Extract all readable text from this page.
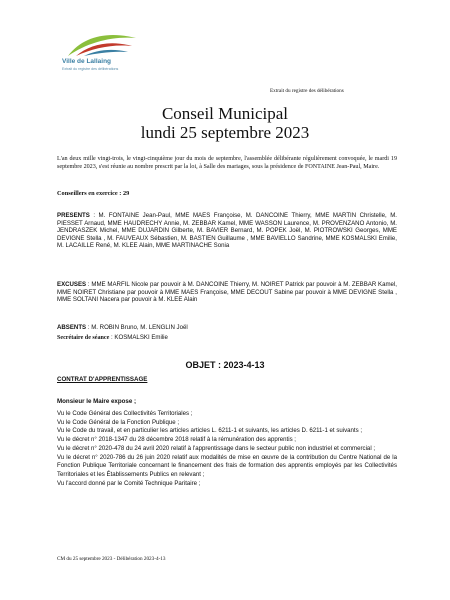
Ville de Lallaing
Extrait du registre des délibérations
Extrait du registre des délibérations
Conseil Municipal
lundi 25 septembre 2023
L'an deux mille vingt-trois, le vingt-cinquième jour du mois de septembre, l'assemblée délibérante régulièrement convoquée, le mardi 19 septembre 2023, s'est réunie au nombre prescrit par la loi, à Salle des mariages, sous la présidence de FONTAINE Jean-Paul, Maire.
Conseillers en exercice : 29
PRESENTS : M. FONTAINE Jean-Paul, MME MAES Françoise, M. DANCOINE Thierry, MME MARTIN Christelle, M. PIESSET Arnaud, MME HAUDRECHY Annie, M. ZEBBAR Kamel, MME WASSON Laurence, M. PROVENZANO Antonio, M. JENDRASZEK Michel, MME DUJARDIN Gilberte, M. BAVIER Bernard, M. POPEK Joël, M. PIOTROWSKI Georges, MME DEVIGNE Stella , M. FAUVEAUX Sébastien, M. BASTIEN Guillaume , MME BAVIELLO Sandrine, MME KOSMALSKI Emilie, M. LACAILLE René, M. KLEE Alain, MME MARTINACHE Sonia
EXCUSES : MME MARFIL Nicole par pouvoir à M. DANCOINE Thierry, M. NOIRET Patrick par pouvoir à M. ZEBBAR Kamel, MME NOIRET Christiane par pouvoir à MME MAES Françoise, MME DECOUT Sabine par pouvoir à MME DEVIGNE Stella , MME SOLTANI Nacera par pouvoir à M. KLEE Alain
ABSENTS : M. ROBIN Bruno, M. LENGLIN Joël
Secrétaire de séance : KOSMALSKI Emilie
OBJET : 2023-4-13
CONTRAT D'APPRENTISSAGE
Monsieur le Maire expose ;
Vu le Code Général des Collectivités Territoriales ;
Vu le Code Général de la Fonction Publique ;
Vu le Code du travail, et en particulier les articles articles L. 6211-1 et suivants, les articles D. 6211-1 et suivants ;
Vu le décret n° 2018-1347 du 28 décembre 2018 relatif à la rémunération des apprentis ;
Vu le décret n° 2020-478 du 24 avril 2020 relatif à l'apprentissage dans le secteur public non industriel et commercial ;
Vu le décret n° 2020-786 du 26 juin 2020 relatif aux modalités de mise en œuvre de la contribution du Centre National de la Fonction Publique Territoriale concernant le financement des frais de formation des apprentis employés par les Collectivités Territoriales et les Établissements Publics en relevant ;
Vu l'accord donné par le Comité Technique Paritaire ;
CM du 25 septembre 2023 - Délibération 2023-4-13
